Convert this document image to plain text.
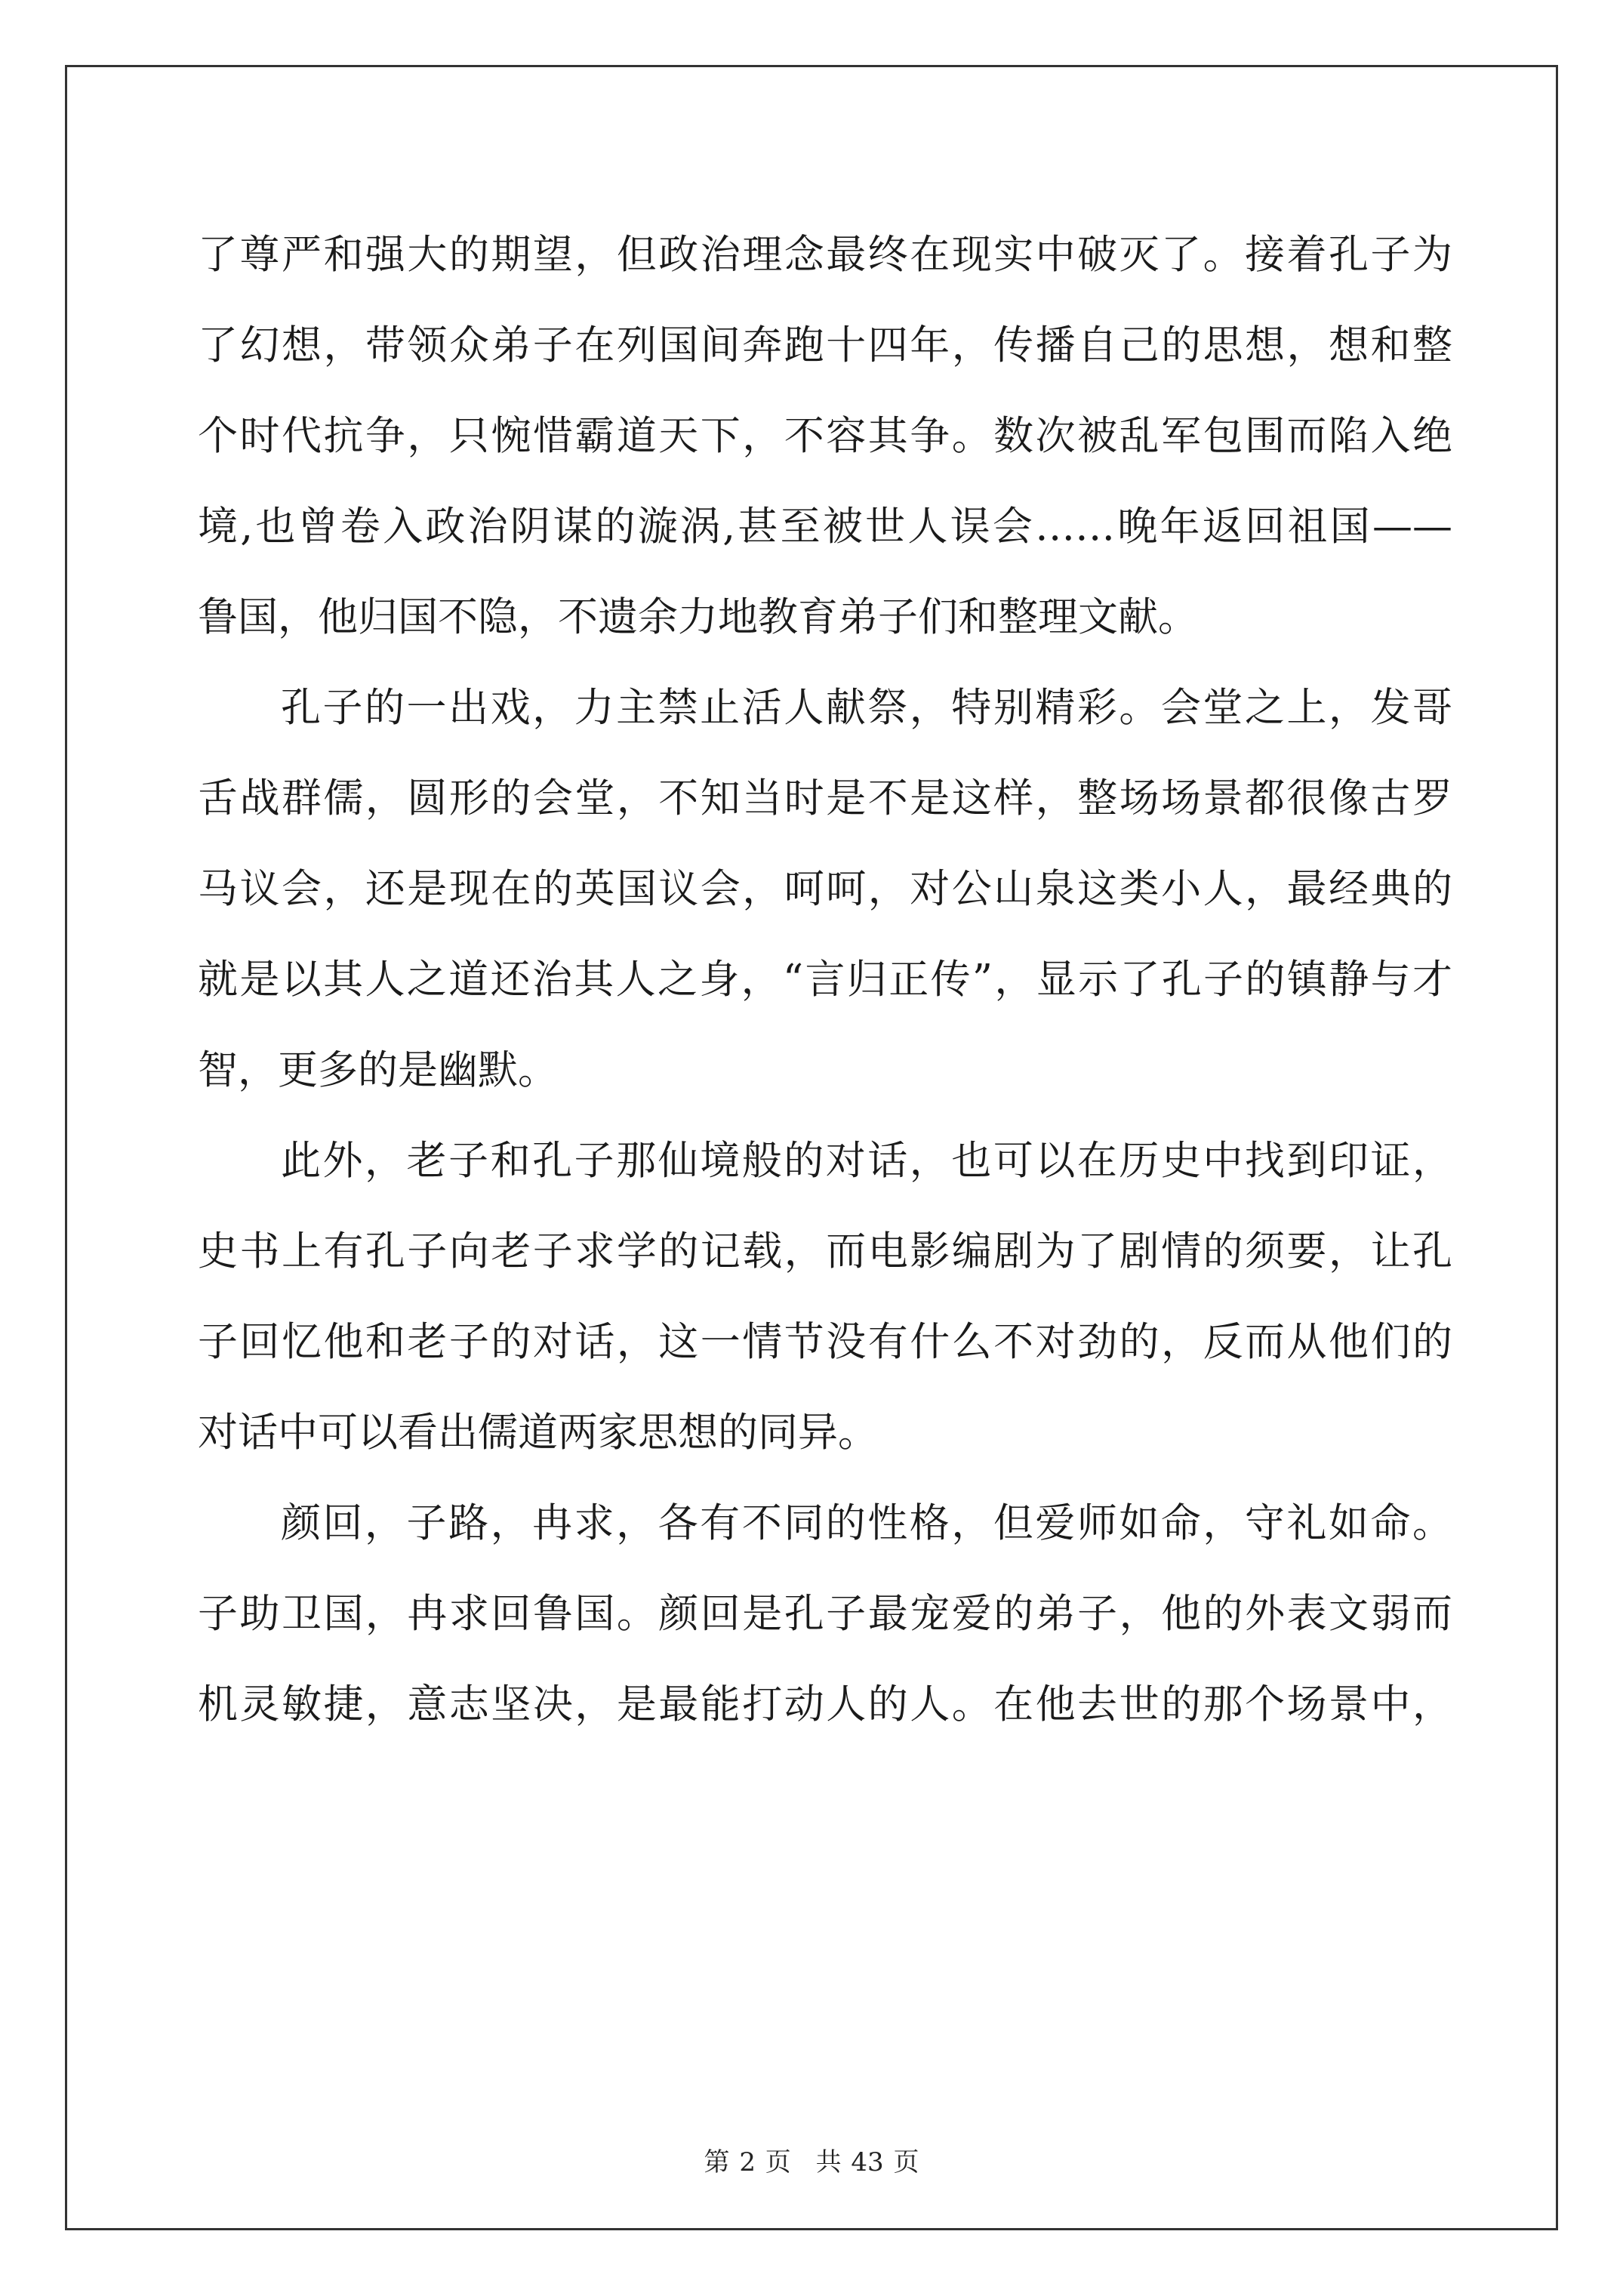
了尊严和强大的期望，但政治理念最终在现实中破灭了。接着孔子为
了幻想，带领众弟子在列国间奔跑十四年，传播自己的思想，想和整
个时代抗争，只惋惜霸道天下，不容其争。数次被乱军包围而陷入绝
境,也曾卷入政治阴谋的漩涡,甚至被世人误会……晚年返回祖国——
鲁国，他归国不隐，不遗余力地教育弟子们和整理文献。
孔子的一出戏，力主禁止活人献祭，特别精彩。会堂之上，发哥
舌战群儒，圆形的会堂，不知当时是不是这样，整场场景都很像古罗
马议会，还是现在的英国议会，呵呵，对公山泉这类小人，最经典的
就是以其人之道还治其人之身，“言归正传”，显示了孔子的镇静与才
智，更多的是幽默。
此外，老子和孔子那仙境般的对话，也可以在历史中找到印证，
史书上有孔子向老子求学的记载，而电影编剧为了剧情的须要，让孔
子回忆他和老子的对话，这一情节没有什么不对劲的，反而从他们的
对话中可以看出儒道两家思想的同异。
颜回，子路，冉求，各有不同的性格，但爱师如命，守礼如命。
子助卫国，冉求回鲁国。颜回是孔子最宠爱的弟子，他的外表文弱而
机灵敏捷，意志坚决，是最能打动人的人。在他去世的那个场景中，
第 2 页 共 43 页
